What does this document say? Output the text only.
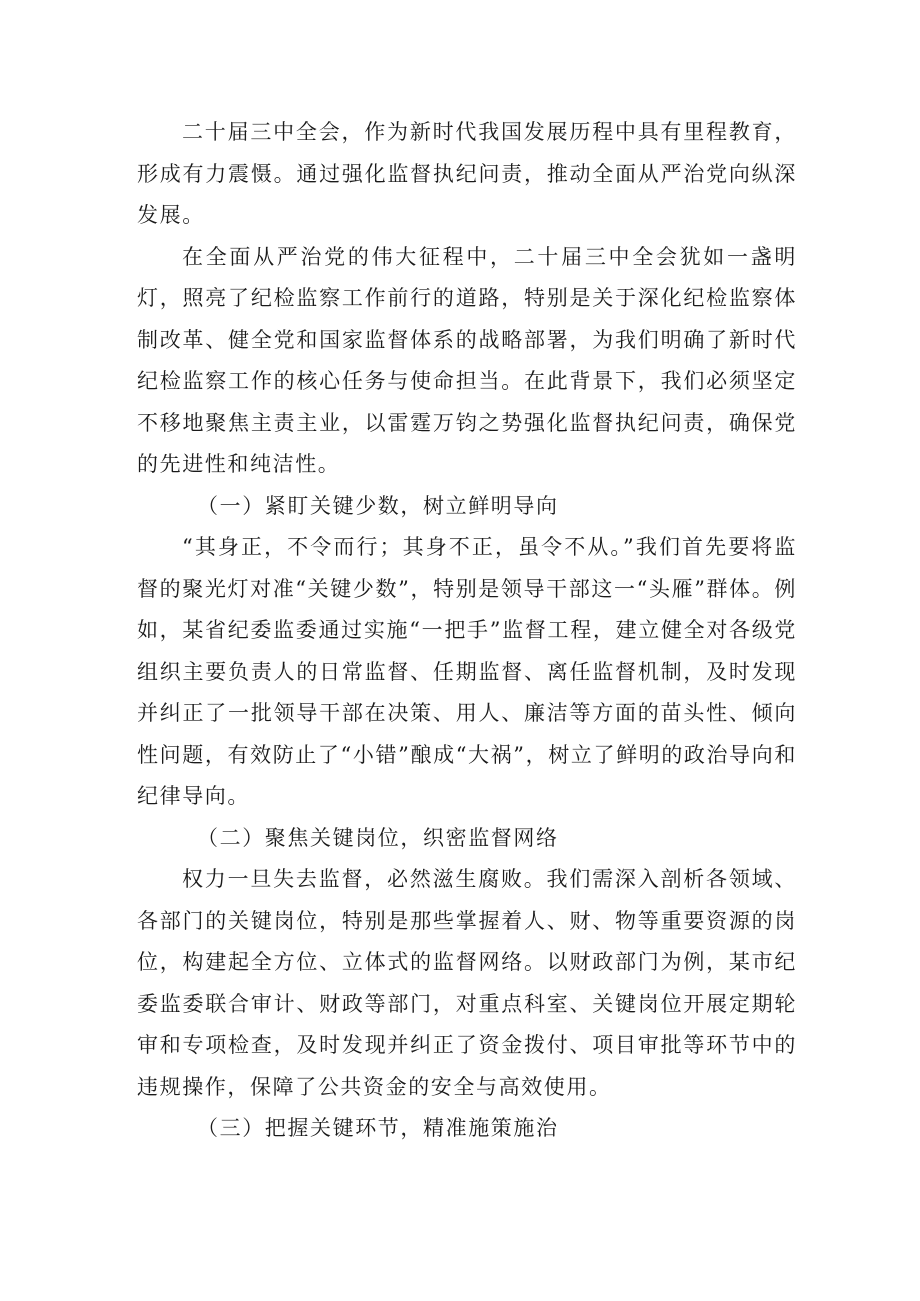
二十届三中全会，作为新时代我国发展历程中具有里程教育，形成有力震慑。通过强化监督执纪问责，推动全面从严治党向纵深发展。

在全面从严治党的伟大征程中，二十届三中全会犹如一盏明灯，照亮了纪检监察工作前行的道路，特别是关于深化纪检监察体制改革、健全党和国家监督体系的战略部署，为我们明确了新时代纪检监察工作的核心任务与使命担当。在此背景下，我们必须坚定不移地聚焦主责主业，以雷霆万钧之势强化监督执纪问责，确保党的先进性和纯洁性。

（一）紧盯关键少数，树立鲜明导向

“其身正，不令而行；其身不正，虽令不从。”我们首先要将监督的聚光灯对准“关键少数”，特别是领导干部这一“头雁”群体。例如，某省纪委监委通过实施“一把手”监督工程，建立健全对各级党组织主要负责人的日常监督、任期监督、离任监督机制，及时发现并纠正了一批领导干部在决策、用人、廉洁等方面的苗头性、倾向性问题，有效防止了“小错”酿成“大祸”，树立了鲜明的政治导向和纪律导向。

（二）聚焦关键岗位，织密监督网络

权力一旦失去监督，必然滋生腐败。我们需深入剖析各领域、各部门的关键岗位，特别是那些掌握着人、财、物等重要资源的岗位，构建起全方位、立体式的监督网络。以财政部门为例，某市纪委监委联合审计、财政等部门，对重点科室、关键岗位开展定期轮审和专项检查，及时发现并纠正了资金拨付、项目审批等环节中的违规操作，保障了公共资金的安全与高效使用。

（三）把握关键环节，精准施策施治
